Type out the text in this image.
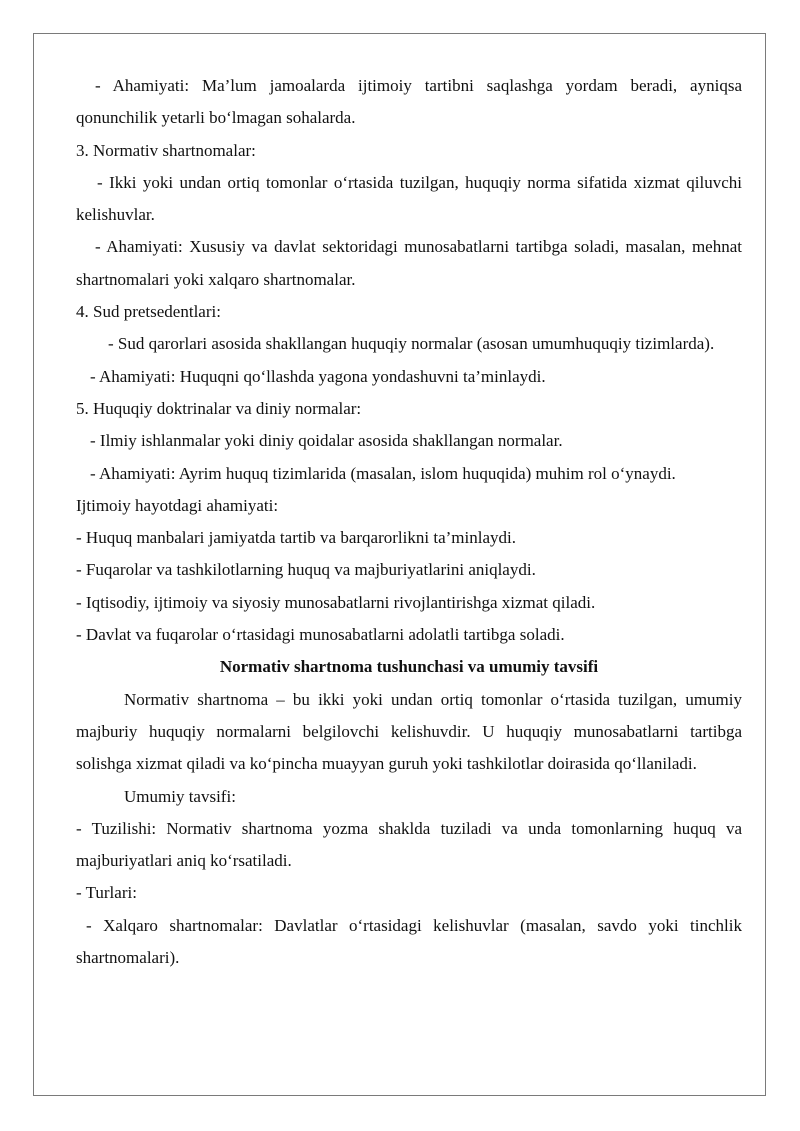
- Ahamiyati: Ma’lum jamoalarda ijtimoiy tartibni saqlashga yordam beradi, ayniqsa qonunchilik yetarli bo‘lmagan sohalarda.

3. Normativ shartnomalar:

- Ikki yoki undan ortiq tomonlar o‘rtasida tuzilgan, huquqiy norma sifatida xizmat qiluvchi kelishuvlar.

- Ahamiyati: Xususiy va davlat sektoridagi munosabatlarni tartibga soladi, masalan, mehnat shartnomalari yoki xalqaro shartnomalar.

4. Sud pretsedentlari:

- Sud qarorlari asosida shakllangan huquqiy normalar (asosan umumhuquqiy tizimlarda).

- Ahamiyati: Huquqni qo‘llashda yagona yondashuvni ta’minlaydi.

5. Huquqiy doktrinalar va diniy normalar:

- Ilmiy ishlanmalar yoki diniy qoidalar asosida shakllangan normalar.

- Ahamiyati: Ayrim huquq tizimlarida (masalan, islom huquqida) muhim rol o‘ynaydi.

Ijtimoiy hayotdagi ahamiyati:

- Huquq manbalari jamiyatda tartib va barqarorlikni ta’minlaydi.

- Fuqarolar va tashkilotlarning huquq va majburiyatlarini aniqlaydi.

- Iqtisodiy, ijtimoiy va siyosiy munosabatlarni rivojlantirishga xizmat qiladi.

- Davlat va fuqarolar o‘rtasidagi munosabatlarni adolatli tartibga soladi.

Normativ shartnoma tushunchasi va umumiy tavsifi

Normativ shartnoma – bu ikki yoki undan ortiq tomonlar o‘rtasida tuzilgan, umumiy majburiy huquqiy normalarni belgilovchi kelishuvdir. U huquqiy munosabatlarni tartibga solishga xizmat qiladi va ko‘pincha muayyan guruh yoki tashkilotlar doirasida qo‘llaniladi.

Umumiy tavsifi:

- Tuzilishi: Normativ shartnoma yozma shaklda tuziladi va unda tomonlarning huquq va majburiyatlari aniq ko‘rsatiladi.

- Turlari:

- Xalqaro shartnomalar: Davlatlar o‘rtasidagi kelishuvlar (masalan, savdo yoki tinchlik shartnomalari).
